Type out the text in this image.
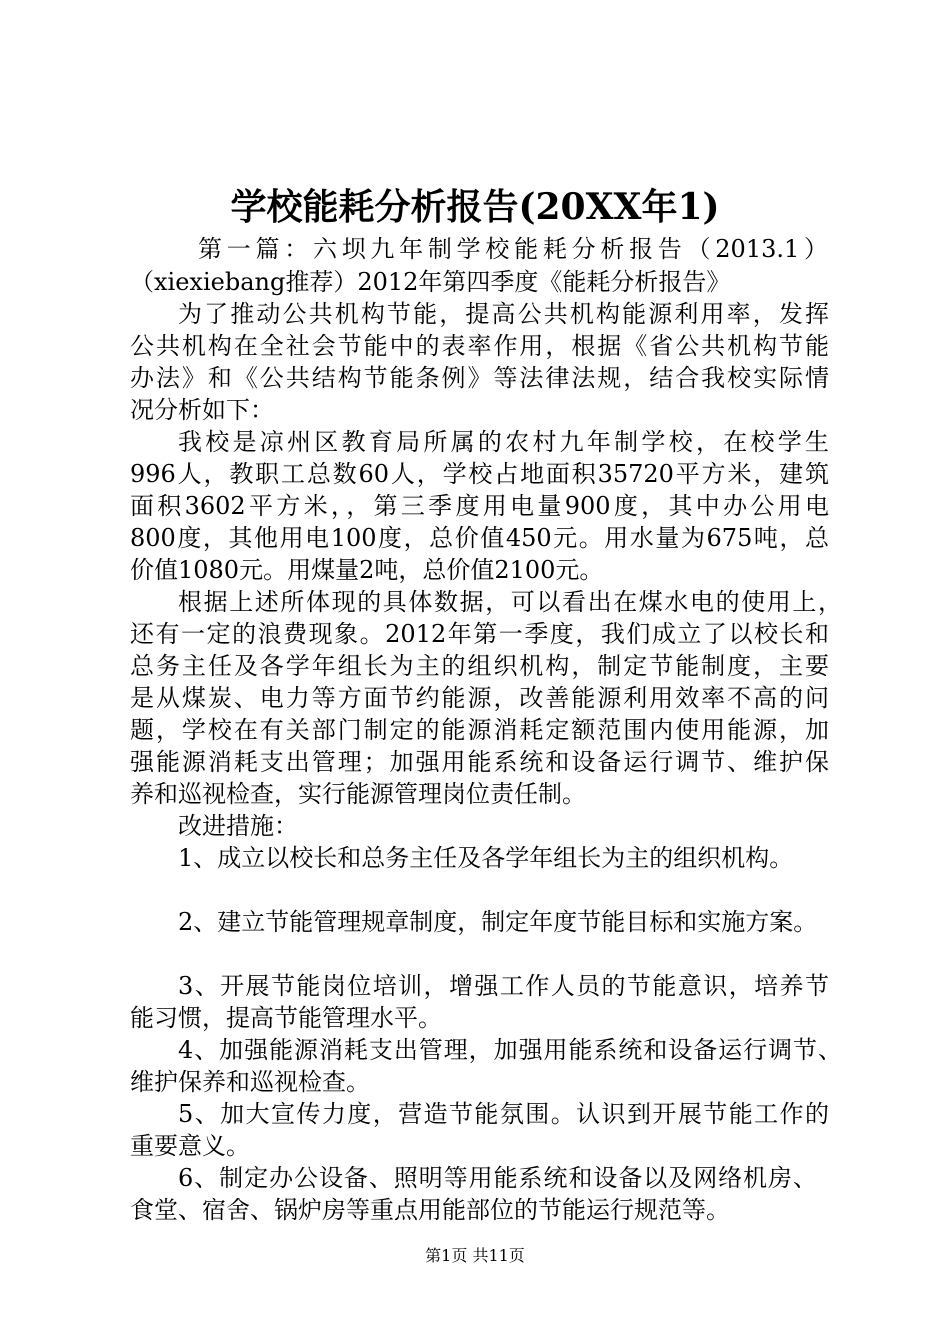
学校能耗分析报告(20XX年1)
第一篇：六坝九年制学校能耗分析报告（2013.1）
（xiexiebang推荐）2012年第四季度《能耗分析报告》
为了推动公共机构节能，提高公共机构能源利用率，发挥
公共机构在全社会节能中的表率作用，根据《省公共机构节能
办法》和《公共结构节能条例》等法律法规，结合我校实际情
况分析如下：
我校是凉州区教育局所属的农村九年制学校，在校学生
996人，教职工总数60人，学校占地面积35720平方米，建筑
面积3602平方米，，第三季度用电量900度，其中办公用电
800度，其他用电100度，总价值450元。用水量为675吨，总
价值1080元。用煤量2吨，总价值2100元。
根据上述所体现的具体数据，可以看出在煤水电的使用上，
还有一定的浪费现象。2012年第一季度，我们成立了以校长和
总务主任及各学年组长为主的组织机构，制定节能制度，主要
是从煤炭、电力等方面节约能源，改善能源利用效率不高的问
题，学校在有关部门制定的能源消耗定额范围内使用能源，加
强能源消耗支出管理；加强用能系统和设备运行调节、维护保
养和巡视检查，实行能源管理岗位责任制。
改进措施：
1、成立以校长和总务主任及各学年组长为主的组织机构。
2、建立节能管理规章制度，制定年度节能目标和实施方案。
3、开展节能岗位培训，增强工作人员的节能意识，培养节
能习惯，提高节能管理水平。
4、加强能源消耗支出管理，加强用能系统和设备运行调节、
维护保养和巡视检查。
5、加大宣传力度，营造节能氛围。认识到开展节能工作的
重要意义。
6、制定办公设备、照明等用能系统和设备以及网络机房、
食堂、宿舍、锅炉房等重点用能部位的节能运行规范等。
第1页 共11页
